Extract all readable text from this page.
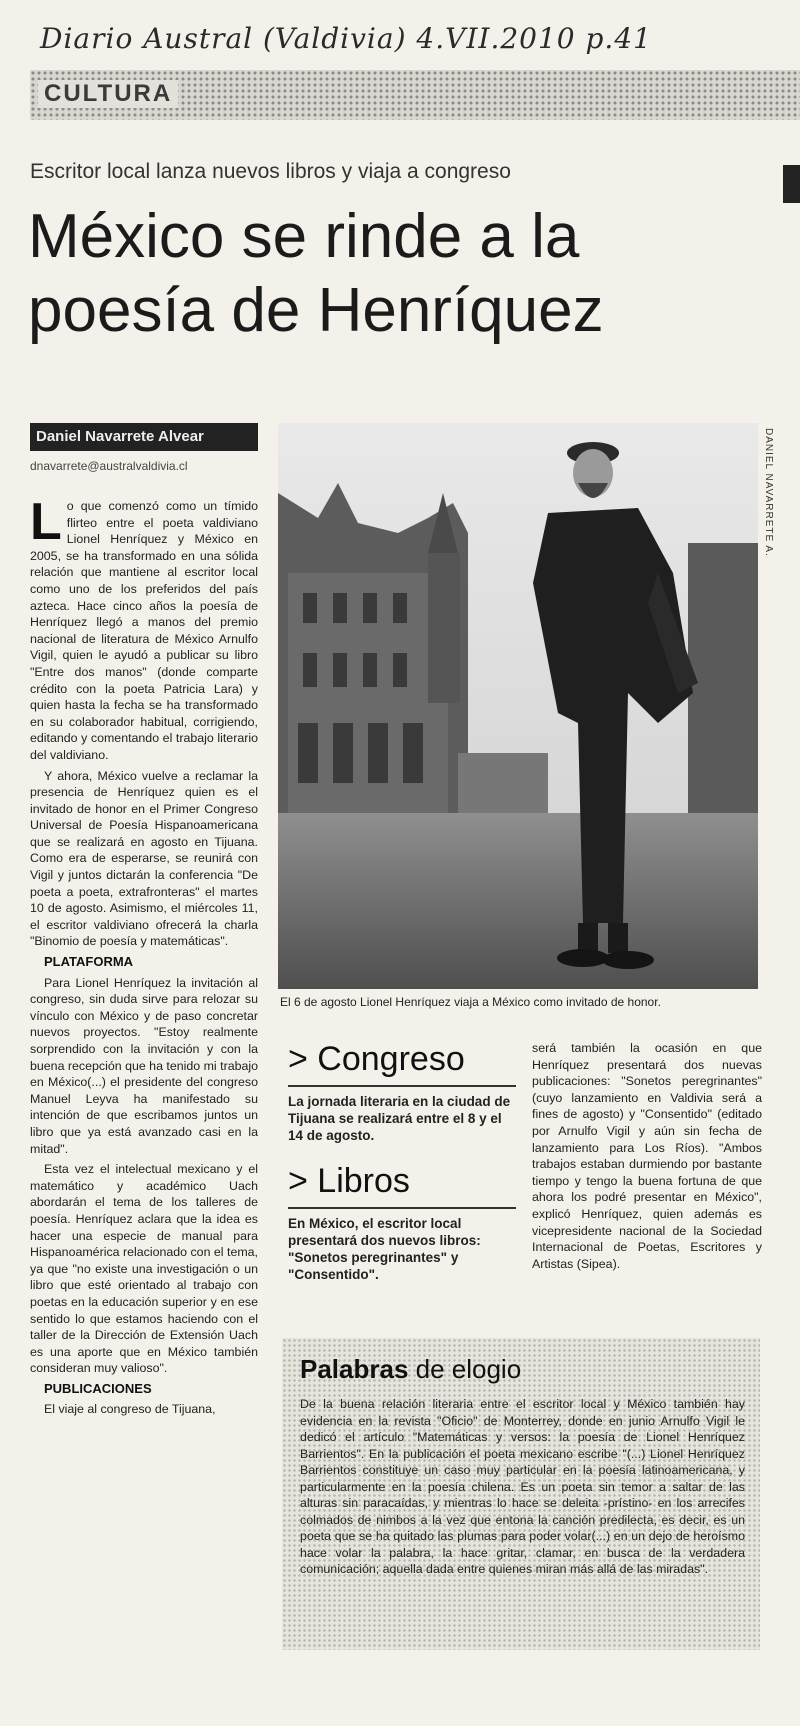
Diario Austral (Valdivia) 4.VII.2010 p.41
CULTURA
Escritor local lanza nuevos libros y viaja a congreso
México se rinde a la poesía de Henríquez
Daniel Navarrete Alvear
dnavarrete@australvaldivia.cl

Lo que comenzó como un tímido flirteo entre el poeta valdiviano Lionel Henríquez y México en 2005, se ha transformado en una sólida relación que mantiene al escritor local como uno de los preferidos del país azteca. Hace cinco años la poesía de Henríquez llegó a manos del premio nacional de literatura de México Arnulfo Vigil, quien le ayudó a publicar su libro "Entre dos manos" (donde comparte crédito con la poeta Patricia Lara) y quien hasta la fecha se ha transformado en su colaborador habitual, corrigiendo, editando y comentando el trabajo literario del valdiviano.

Y ahora, México vuelve a reclamar la presencia de Henríquez quien es el invitado de honor en el Primer Congreso Universal de Poesía Hispanoamericana que se realizará en agosto en Tijuana. Como era de esperarse, se reunirá con Vigil y juntos dictarán la conferencia "De poeta a poeta, extrafronteras" el martes 10 de agosto. Asimismo, el miércoles 11, el escritor valdiviano ofrecerá la charla "Binomio de poesía y matemáticas".

PLATAFORMA

Para Lionel Henríquez la invitación al congreso, sin duda sirve para relozar su vínculo con México y de paso concretar nuevos proyectos. "Estoy realmente sorprendido con la invitación y con la buena recepción que ha tenido mi trabajo en México(...) el presidente del congreso Manuel Leyva ha manifestado su intención de que escribamos juntos un libro que ya está avanzado casi en la mitad".

Esta vez el intelectual mexicano y el matemático y académico Uach abordarán el tema de los talleres de poesía. Henríquez aclara que la idea es hacer una especie de manual para Hispanoamérica relacionado con el tema, ya que "no existe una investigación o un libro que esté orientado al trabajo con poetas en la educación superior y en ese sentido lo que estamos haciendo con el taller de la Dirección de Extensión Uach es una aporte que en México también consideran muy valioso".

PUBLICACIONES

El viaje al congreso de Tijuana,

DANIEL NAVARRETE A.
El 6 de agosto Lionel Henríquez viaja a México como invitado de honor.
> Congreso
La jornada literaria en la ciudad de Tijuana se realizará entre el 8 y el 14 de agosto.
> Libros
En México, el escritor local presentará dos nuevos libros: "Sonetos peregrinantes" y "Consentido".

será también la ocasión en que Henríquez presentará dos nuevas publicaciones: "Sonetos peregrinantes" (cuyo lanzamiento en Valdivia será a fines de agosto) y "Consentido" (editado por Arnulfo Vigil y aún sin fecha de lanzamiento para Los Ríos). "Ambos trabajos estaban durmiendo por bastante tiempo y tengo la buena fortuna de que ahora los podré presentar en México", explicó Henríquez, quien además es vicepresidente nacional de la Sociedad Internacional de Poetas, Escritores y Artistas (Sipea).

Palabras de elogio
De la buena relación literaria entre el escritor local y México también hay evidencia en la revista "Oficio" de Monterrey, donde en junio Arnulfo Vigil le dedicó el artículo "Matemáticas y versos: la poesía de Lionel Henríquez Barrientos". En la publicación el poeta mexicano escribe "(...) Lionel Henríquez Barrientos constituye un caso muy particular en la poesía latinoamericana, y particularmente en la poesía chilena. Es un poeta sin temor a saltar de las alturas sin paracaídas, y mientras lo hace se deleita -prístino- en los arrecifes colmados de nimbos a la vez que entona la canción predilecta, es decir, es un poeta que se ha quitado las plumas para poder volar(...) en un dejo de heroísmo hace volar la palabra, la hace gritar, clamar, en busca de la verdadera comunicación; aquella dada entre quienes miran más allá de las miradas".
